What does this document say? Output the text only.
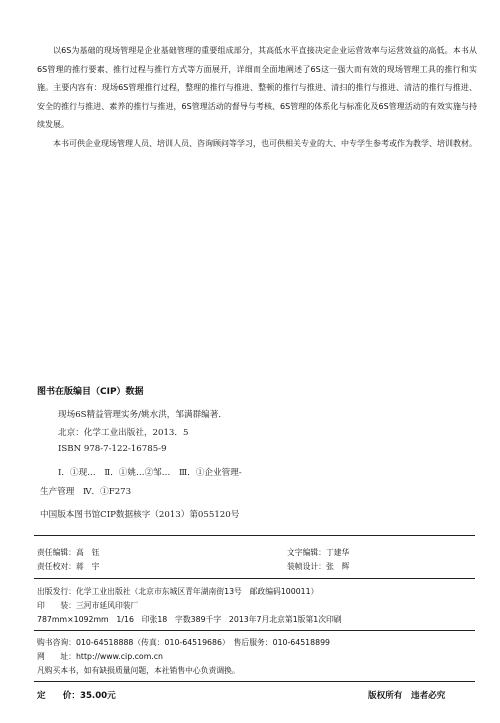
以6S为基础的现场管理是企业基础管理的重要组成部分，其高低水平直接决定企业运营效率与运营效益的高低。本书从6S管理的推行要素、推行过程与推行方式等方面展开，详细而全面地阐述了6S这一强大而有效的现场管理工具的推行和实施。主要内容有：现场6S管理推行过程，整理的推行与推进、整顿的推行与推进、清扫的推行与推进、清洁的推行与推进、安全的推行与推进、素养的推行与推进，6S管理活动的督导与考核、6S管理的体系化与标准化及6S管理活动的有效实施与持续发展。

本书可供企业现场管理人员、培训人员、咨询顾问等学习，也可供相关专业的大、中专学生参考或作为教学、培训教材。

图书在版编目（CIP）数据
现场6S精益管理实务/姚水洪，邹满群编著．
北京：化学工业出版社，2013．5
ISBN 978-7-122-16785-9
Ⅰ．①现…　Ⅱ．①姚…②邹…　Ⅲ．①企业管理-
生产管理　Ⅳ．①F273
中国版本图书馆CIP数据核字（2013）第055120号
责任编辑：高　钰
责任校对：蒋　宇
文字编辑：丁建华
装帧设计：张　辉
出版发行：化学工业出版社（北京市东城区青年湖南街13号　邮政编码100011）
印　　装：三河市延风印装厂
787mm×1092mm　1/16　印张18　字数389千字　2013年7月北京第1版第1次印刷
购书咨询：010-64518888（传真：010-64519686）　售后服务：010-64518899
网　　址：http://www.cip.com.cn
凡购买本书，如有缺损质量问题，本社销售中心负责调换。
定　　价：35.00元	版权所有　违者必究
